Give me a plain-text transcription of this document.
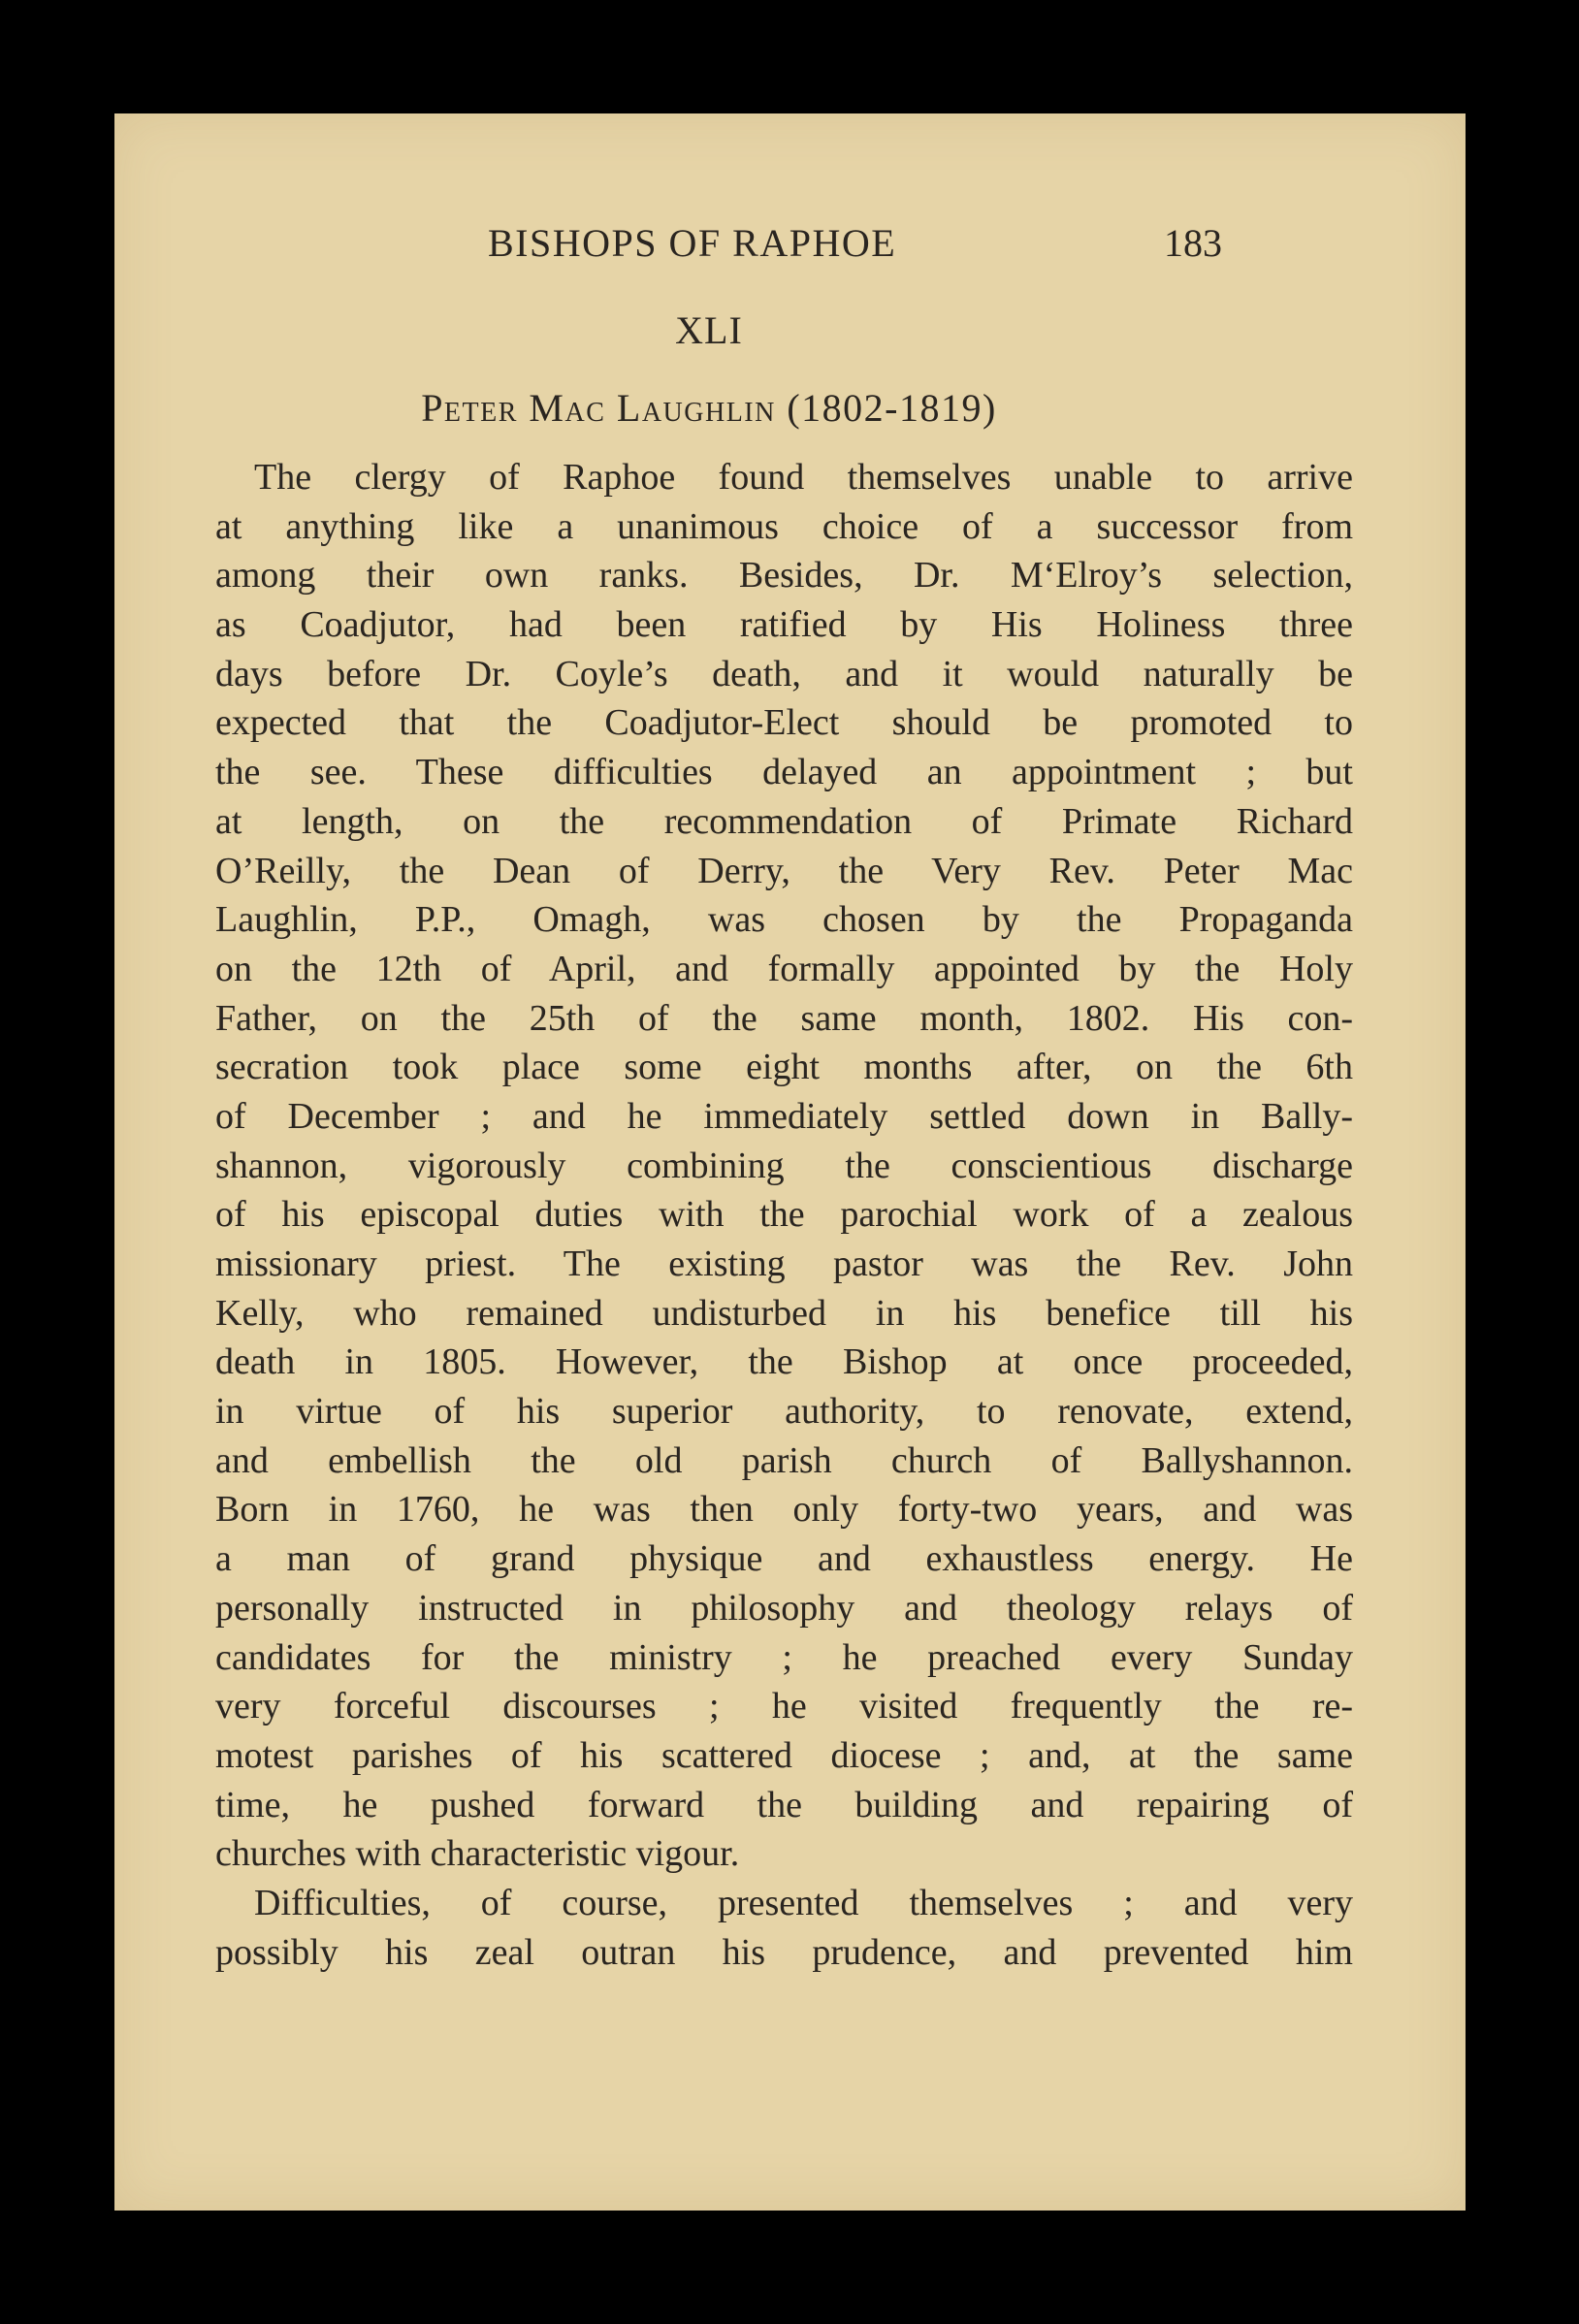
BISHOPS OF RAPHOE	183
XLI
Peter Mac Laughlin (1802-1819)
The clergy of Raphoe found themselves unable to arrive
at anything like a unanimous choice of a successor from
among their own ranks. Besides, Dr. M‘Elroy’s selection,
as Coadjutor, had been ratified by His Holiness three
days before Dr. Coyle’s death, and it would naturally be
expected that the Coadjutor-Elect should be promoted to
the see. These difficulties delayed an appointment ; but
at length, on the recommendation of Primate Richard
O’Reilly, the Dean of Derry, the Very Rev. Peter Mac
Laughlin, P.P., Omagh, was chosen by the Propaganda
on the 12th of April, and formally appointed by the Holy
Father, on the 25th of the same month, 1802. His con-
secration took place some eight months after, on the 6th
of December ; and he immediately settled down in Bally-
shannon, vigorously combining the conscientious discharge
of his episcopal duties with the parochial work of a zealous
missionary priest. The existing pastor was the Rev. John
Kelly, who remained undisturbed in his benefice till his
death in 1805. However, the Bishop at once proceeded,
in virtue of his superior authority, to renovate, extend,
and embellish the old parish church of Ballyshannon.
Born in 1760, he was then only forty-two years, and was
a man of grand physique and exhaustless energy. He
personally instructed in philosophy and theology relays of
candidates for the ministry ; he preached every Sunday
very forceful discourses ; he visited frequently the re-
motest parishes of his scattered diocese ; and, at the same
time, he pushed forward the building and repairing of
churches with characteristic vigour.
Difficulties, of course, presented themselves ; and very
possibly his zeal outran his prudence, and prevented him
